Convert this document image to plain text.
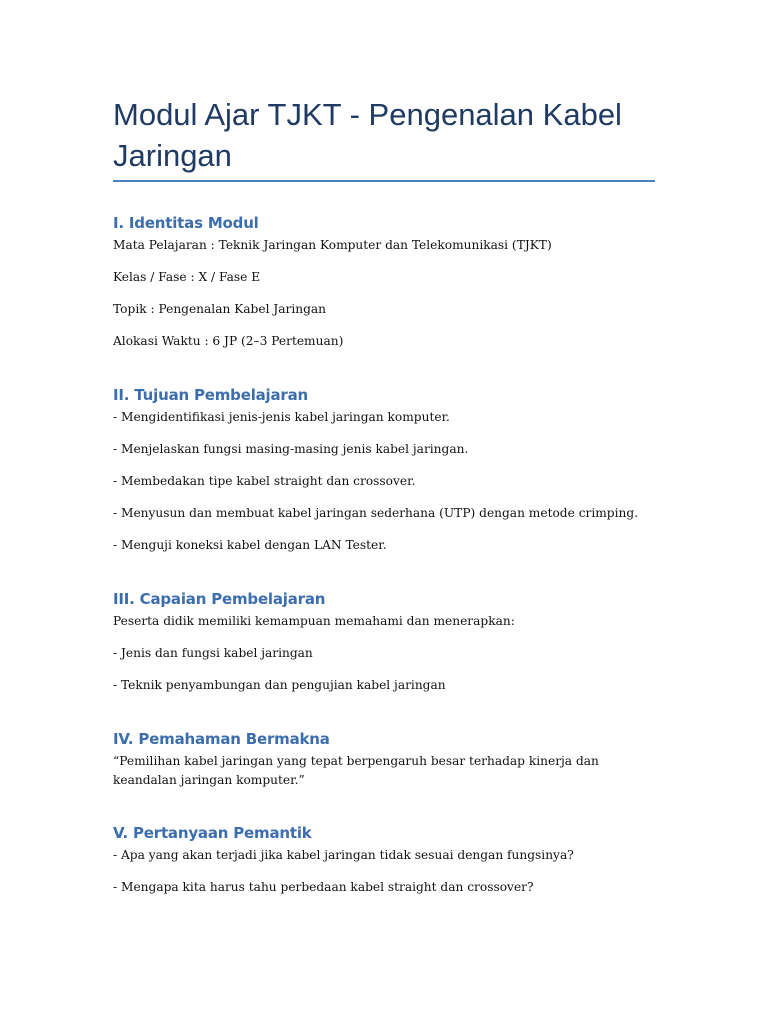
Modul Ajar TJKT - Pengenalan Kabel Jaringan
I. Identitas Modul

Mata Pelajaran : Teknik Jaringan Komputer dan Telekomunikasi (TJKT)

Kelas / Fase : X / Fase E

Topik : Pengenalan Kabel Jaringan

Alokasi Waktu : 6 JP (2–3 Pertemuan)

II. Tujuan Pembelajaran

- Mengidentifikasi jenis-jenis kabel jaringan komputer.

- Menjelaskan fungsi masing-masing jenis kabel jaringan.

- Membedakan tipe kabel straight dan crossover.

- Menyusun dan membuat kabel jaringan sederhana (UTP) dengan metode crimping.

- Menguji koneksi kabel dengan LAN Tester.

III. Capaian Pembelajaran

Peserta didik memiliki kemampuan memahami dan menerapkan:

- Jenis dan fungsi kabel jaringan

- Teknik penyambungan dan pengujian kabel jaringan

IV. Pemahaman Bermakna

“Pemilihan kabel jaringan yang tepat berpengaruh besar terhadap kinerja dan keandalan jaringan komputer.”

V. Pertanyaan Pemantik

- Apa yang akan terjadi jika kabel jaringan tidak sesuai dengan fungsinya?

- Mengapa kita harus tahu perbedaan kabel straight dan crossover?
